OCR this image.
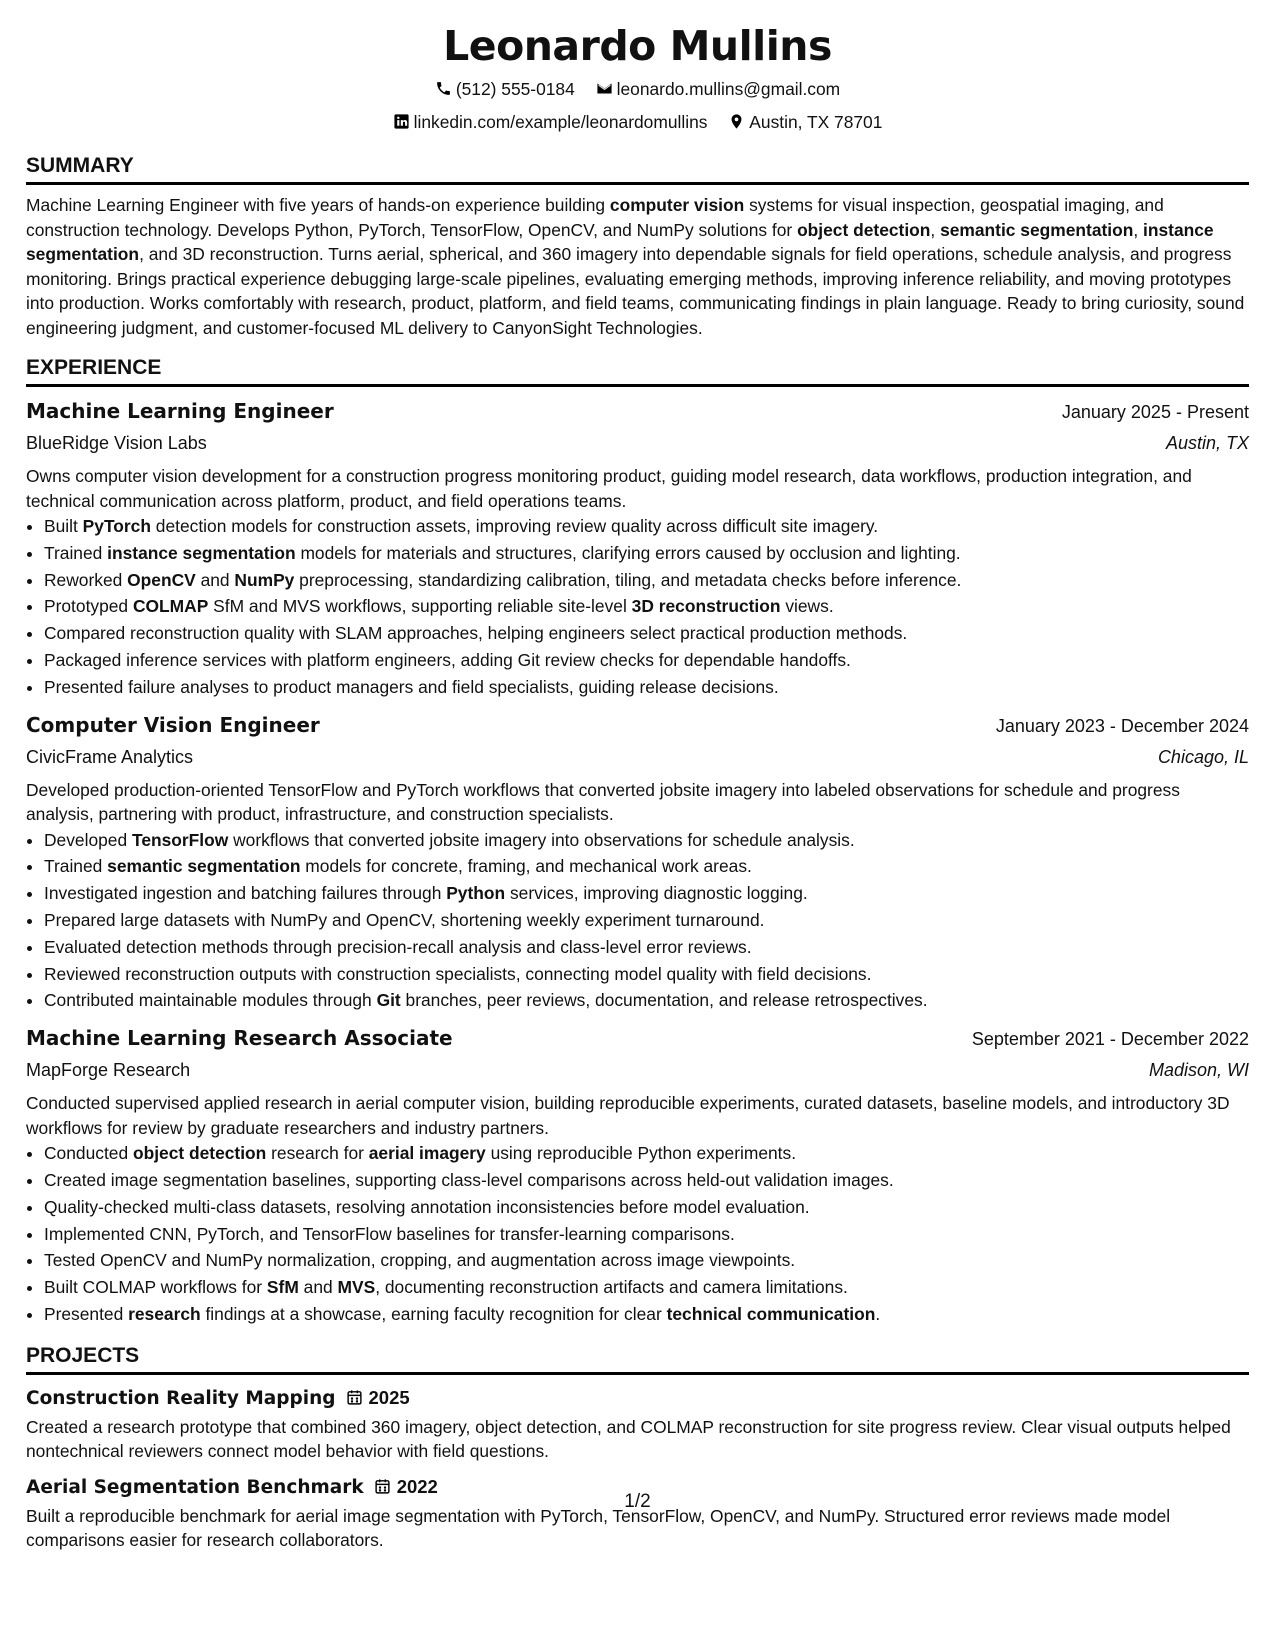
Leonardo Mullins
(512) 555-0184 leonardo.mullins@gmail.com
linkedin.com/example/leonardomullins Austin, TX 78701
SUMMARY

Machine Learning Engineer with five years of hands-on experience building computer vision systems for visual inspection, geospatial imaging, and construction technology. Develops Python, PyTorch, TensorFlow, OpenCV, and NumPy solutions for object detection, semantic segmentation, instance segmentation, and 3D reconstruction. Turns aerial, spherical, and 360 imagery into dependable signals for field operations, schedule analysis, and progress monitoring. Brings practical experience debugging large-scale pipelines, evaluating emerging methods, improving inference reliability, and moving prototypes into production. Works comfortably with research, product, platform, and field teams, communicating findings in plain language. Ready to bring curiosity, sound engineering judgment, and customer-focused ML delivery to CanyonSight Technologies.

EXPERIENCE
Machine Learning Engineer	January 2025 - Present
BlueRidge Vision Labs	Austin, TX

Owns computer vision development for a construction progress monitoring product, guiding model research, data workflows, production integration, and technical communication across platform, product, and field operations teams.

• Built PyTorch detection models for construction assets, improving review quality across difficult site imagery.
• Trained instance segmentation models for materials and structures, clarifying errors caused by occlusion and lighting.
• Reworked OpenCV and NumPy preprocessing, standardizing calibration, tiling, and metadata checks before inference.
• Prototyped COLMAP SfM and MVS workflows, supporting reliable site-level 3D reconstruction views.
• Compared reconstruction quality with SLAM approaches, helping engineers select practical production methods.
• Packaged inference services with platform engineers, adding Git review checks for dependable handoffs.
• Presented failure analyses to product managers and field specialists, guiding release decisions.
Computer Vision Engineer	January 2023 - December 2024
CivicFrame Analytics	Chicago, IL

Developed production-oriented TensorFlow and PyTorch workflows that converted jobsite imagery into labeled observations for schedule and progress analysis, partnering with product, infrastructure, and construction specialists.

• Developed TensorFlow workflows that converted jobsite imagery into observations for schedule analysis.
• Trained semantic segmentation models for concrete, framing, and mechanical work areas.
• Investigated ingestion and batching failures through Python services, improving diagnostic logging.
• Prepared large datasets with NumPy and OpenCV, shortening weekly experiment turnaround.
• Evaluated detection methods through precision-recall analysis and class-level error reviews.
• Reviewed reconstruction outputs with construction specialists, connecting model quality with field decisions.
• Contributed maintainable modules through Git branches, peer reviews, documentation, and release retrospectives.
Machine Learning Research Associate	September 2021 - December 2022
MapForge Research	Madison, WI

Conducted supervised applied research in aerial computer vision, building reproducible experiments, curated datasets, baseline models, and introductory 3D workflows for review by graduate researchers and industry partners.

• Conducted object detection research for aerial imagery using reproducible Python experiments.
• Created image segmentation baselines, supporting class-level comparisons across held-out validation images.
• Quality-checked multi-class datasets, resolving annotation inconsistencies before model evaluation.
• Implemented CNN, PyTorch, and TensorFlow baselines for transfer-learning comparisons.
• Tested OpenCV and NumPy normalization, cropping, and augmentation across image viewpoints.
• Built COLMAP workflows for SfM and MVS, documenting reconstruction artifacts and camera limitations.
• Presented research findings at a showcase, earning faculty recognition for clear technical communication.
PROJECTS
Construction Reality Mapping 2025

Created a research prototype that combined 360 imagery, object detection, and COLMAP reconstruction for site progress review. Clear visual outputs helped nontechnical reviewers connect model behavior with field questions.

Aerial Segmentation Benchmark 2022

Built a reproducible benchmark for aerial image segmentation with PyTorch, TensorFlow, OpenCV, and NumPy. Structured error reviews made model comparisons easier for research collaborators.

1/2
